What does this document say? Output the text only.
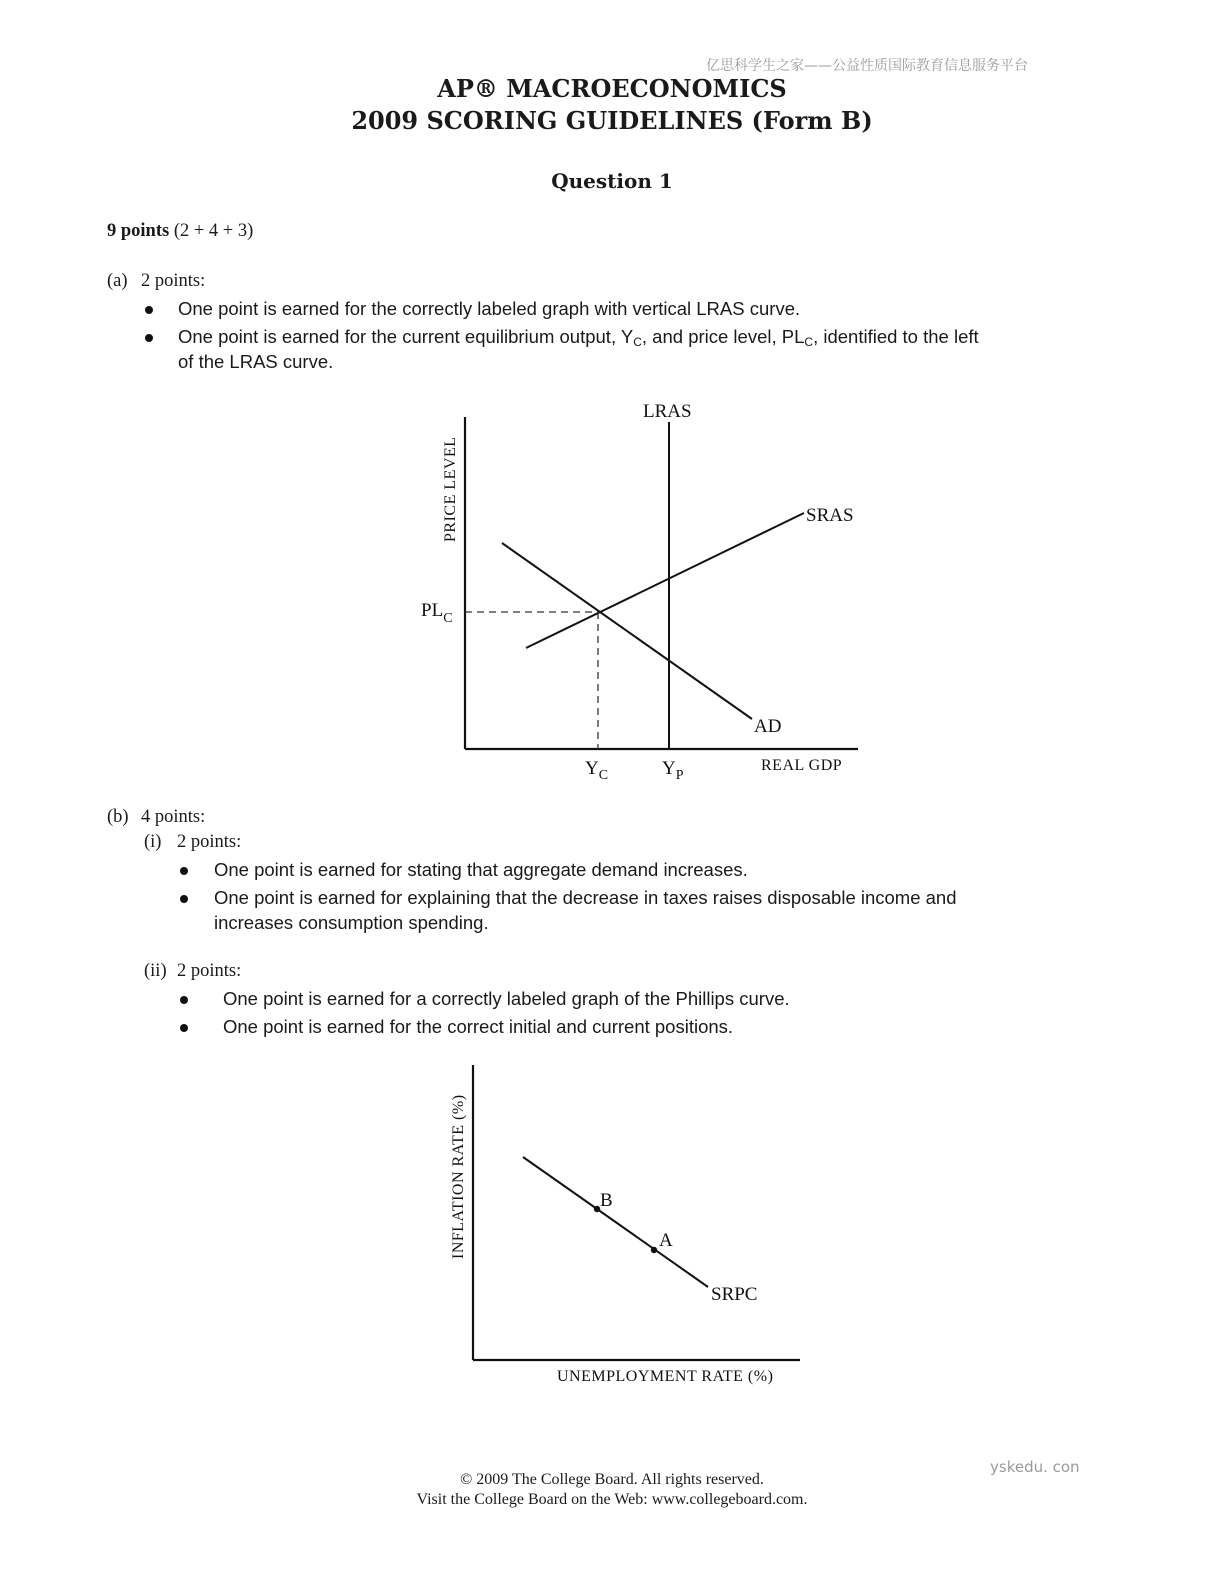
亿思科学生之家——公益性质国际教育信息服务平台
AP® MACROECONOMICS
2009 SCORING GUIDELINES (Form B)
Question 1
9 points (2 + 4 + 3)
(a) 2 points:
One point is earned for the correctly labeled graph with vertical LRAS curve.
One point is earned for the current equilibrium output, $Y_C$, and price level, $PL_C$, identified to the left
of the LRAS curve.
PRICE LEVEL
LRAS
SRAS
AD
$PL_C$
$Y_C$	$Y_P$
REAL GDP
(b) 4 points:
(i) 2 points:
One point is earned for stating that aggregate demand increases.
One point is earned for explaining that the decrease in taxes raises disposable income and
increases consumption spending.
(ii) 2 points:
One point is earned for a correctly labeled graph of the Phillips curve.
One point is earned for the correct initial and current positions.
B
A
SRPC
INFLATION RATE (%)
UNEMPLOYMENT RATE (%)
yskedu. con
© 2009 The College Board. All rights reserved.
Visit the College Board on the Web: www.collegeboard.com.
